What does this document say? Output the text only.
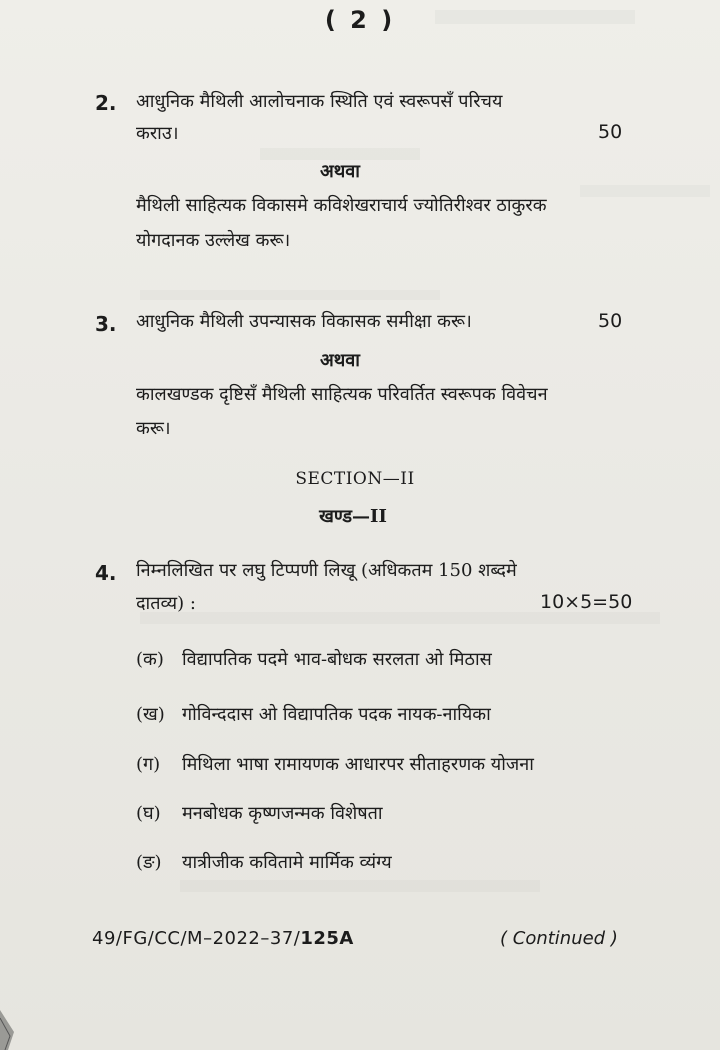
( 2 )
2. आधुनिक मैथिली आलोचनाक स्थिति एवं स्वरूपसँ परिचय
कराउ।	50
अथवा
मैथिली साहित्यक विकासमे कविशेखराचार्य ज्योतिरीश्वर ठाकुरक
योगदानक उल्लेख करू।
3. आधुनिक मैथिली उपन्यासक विकासक समीक्षा करू।	50
अथवा
कालखण्डक दृष्टिसँ मैथिली साहित्यक परिवर्तित स्वरूपक विवेचन
करू।
SECTION—II
खण्ड—II
4. निम्नलिखित पर लघु टिप्पणी लिखू (अधिकतम 150 शब्दमे
दातव्य) :	10×5=50
(क) विद्यापतिक पदमे भाव-बोधक सरलता ओ मिठास
(ख) गोविन्ददास ओ विद्यापतिक पदक नायक-नायिका
(ग) मिथिला भाषा रामायणक आधारपर सीताहरणक योजना
(घ) मनबोधक कृष्णजन्मक विशेषता
(ङ) यात्रीजीक कवितामे मार्मिक व्यंग्य
49/FG/CC/M–2022–37/125A	( Continued )
